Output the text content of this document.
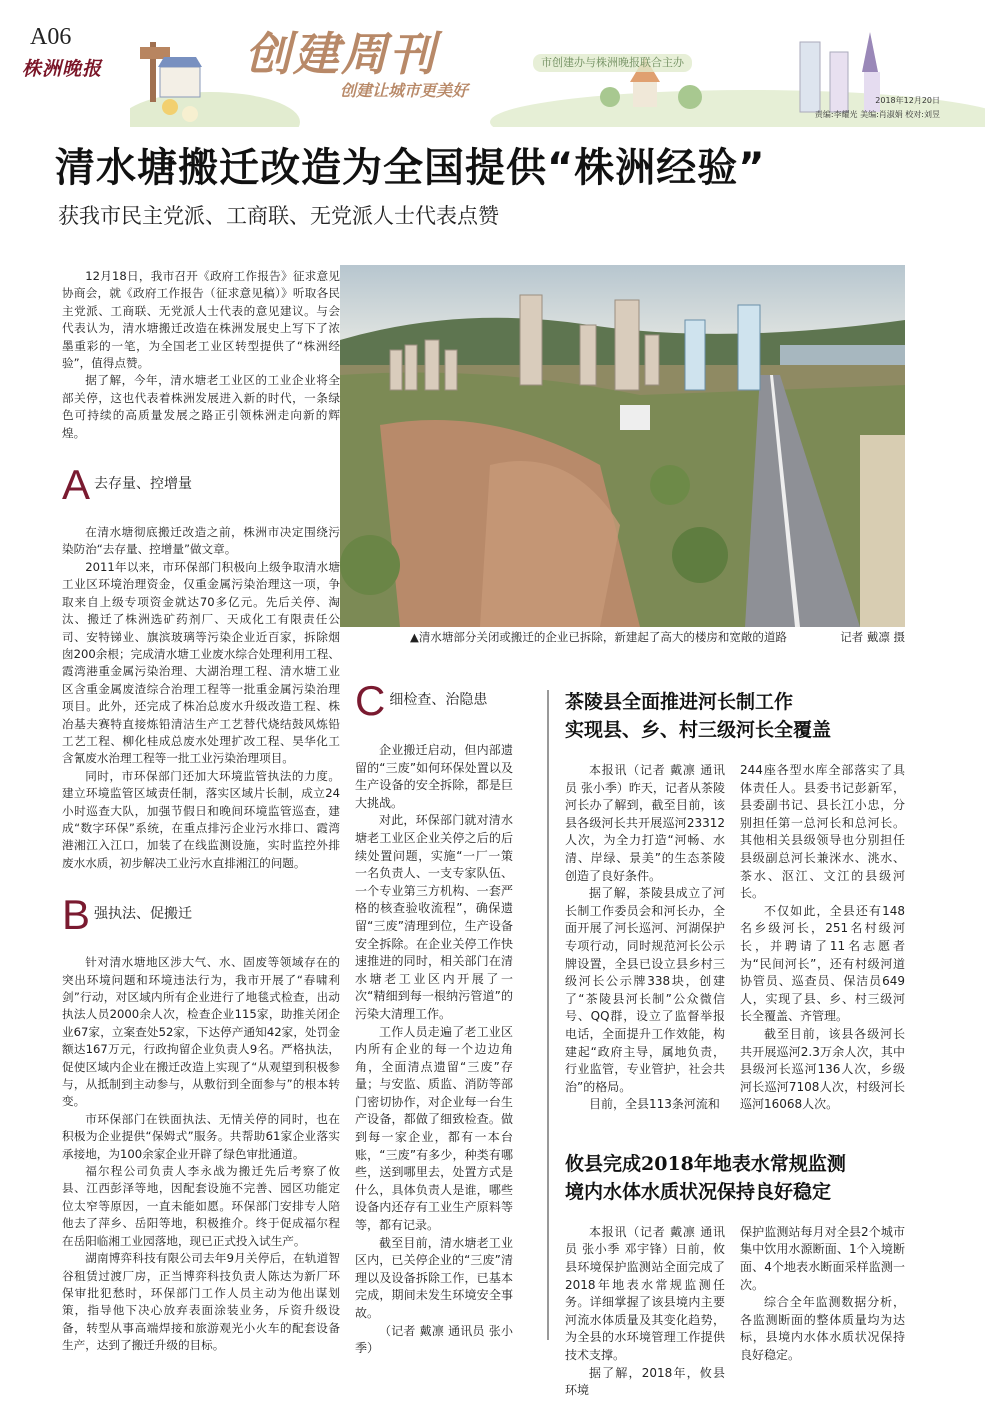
A06
株洲晚报	创建周刊
创建让城市更美好
市创建办与株洲晚报联合主办
2018年12月20日
责编:李耀光 美编:肖淑娟 校对:刘昱
清水塘搬迁改造为全国提供“株洲经验”
获我市民主党派、工商联、无党派人士代表点赞

12月18日，我市召开《政府工作报告》征求意见协商会，就《政府工作报告（征求意见稿）》听取各民主党派、工商联、无党派人士代表的意见建议。与会代表认为，清水塘搬迁改造在株洲发展史上写下了浓墨重彩的一笔，为全国老工业区转型提供了“株洲经验”，值得点赞。

据了解，今年，清水塘老工业区的工业企业将全部关停，这也代表着株洲发展进入新的时代，一条绿色可持续的高质量发展之路正引领株洲走向新的辉煌。

A 去存量、控增量

在清水塘彻底搬迁改造之前，株洲市决定围绕污染防治“去存量、控增量”做文章。

2011年以来，市环保部门积极向上级争取清水塘工业区环境治理资金，仅重金属污染治理这一项，争取来自上级专项资金就达70多亿元。先后关停、淘汰、搬迁了株洲选矿药剂厂、天成化工有限责任公司、安特锑业、旗滨玻璃等污染企业近百家，拆除烟囱200余根；完成清水塘工业废水综合处理利用工程、霞湾港重金属污染治理、大湖治理工程、清水塘工业区含重金属废渣综合治理工程等一批重金属污染治理项目。此外，还完成了株冶总废水升级改造工程、株冶基夫赛特直接炼铅清洁生产工艺替代烧结鼓风炼铅工艺工程、柳化桂成总废水处理扩改工程、昊华化工含氰废水治理工程等一批工业污染治理项目。

同时，市环保部门还加大环境监管执法的力度。建立环境监管区域责任制，落实区域片长制，成立24小时巡查大队，加强节假日和晚间环境监管巡查，建成“数字环保”系统，在重点排污企业污水排口、霞湾港湘江入江口，加装了在线监测设施，实时监控外排废水水质，初步解决工业污水直排湘江的问题。

B 强执法、促搬迁

针对清水塘地区涉大气、水、固废等领域存在的突出环境问题和环境违法行为，我市开展了“春啸利剑”行动，对区域内所有企业进行了地毯式检查，出动执法人员2000余人次，检查企业115家，助推关闭企业67家，立案查处52家，下达停产通知42家，处罚金额达167万元，行政拘留企业负责人9名。严格执法，促使区域内企业在搬迁改造上实现了“从观望到积极参与，从抵制到主动参与，从敷衍到全面参与”的根本转变。

市环保部门在铁面执法、无情关停的同时，也在积极为企业提供“保姆式”服务。共帮助61家企业落实承接地，为100余家企业开辟了绿色审批通道。

福尔程公司负责人李永战为搬迁先后考察了攸县、江西彭泽等地，因配套设施不完善、园区功能定位太窄等原因，一直未能如愿。环保部门安排专人陪他去了萍乡、岳阳等地，积极推介。终于促成福尔程在岳阳临湘工业园落地，现已正式投入试生产。

湖南博弈科技有限公司去年9月关停后，在轨道智谷租赁过渡厂房，正当博弈科技负责人陈达为新厂环保审批犯愁时，环保部门工作人员主动为他出谋划策，指导他下决心放弃表面涂装业务，斥资升级设备，转型从事高端焊接和旅游观光小火车的配套设备生产，达到了搬迁升级的目标。

▲清水塘部分关闭或搬迁的企业已拆除，新建起了高大的楼房和宽敞的道路	记者 戴凛 摄
C 细检查、治隐患

企业搬迁启动，但内部遗留的“三废”如何环保处置以及生产设备的安全拆除，都是巨大挑战。

对此，环保部门就对清水塘老工业区企业关停之后的后续处置问题，实施“一厂一策一名负责人、一支专家队伍、一个专业第三方机构、一套严格的核查验收流程”，确保遗留“三废”清理到位，生产设备安全拆除。在企业关停工作快速推进的同时，相关部门在清水塘老工业区内开展了一次“精细到每一根纳污管道”的污染大清理工作。

工作人员走遍了老工业区内所有企业的每一个边边角角，全面清点遗留“三废”存量；与安监、质监、消防等部门密切协作，对企业每一台生产设备，都做了细致检查。做到每一家企业，都有一本台账，“三废”有多少，种类有哪些，送到哪里去，处置方式是什么，具体负责人是谁，哪些设备内还存有工业生产原料等等，都有记录。

截至目前，清水塘老工业区内，已关停企业的“三废”清理以及设备拆除工作，已基本完成，期间未发生环境安全事故。

（记者 戴凛 通讯员 张小季）

茶陵县全面推进河长制工作
实现县、乡、村三级河长全覆盖

本报讯（记者 戴凛 通讯员 张小季）昨天，记者从茶陵河长办了解到，截至目前，该县各级河长共开展巡河23312人次，为全力打造“河畅、水清、岸绿、景美”的生态茶陵创造了良好条件。

据了解，茶陵县成立了河长制工作委员会和河长办，全面开展了河长巡河、河湖保护专项行动，同时规范河长公示牌设置，全县已设立县乡村三级河长公示牌338块，创建了“茶陵县河长制”公众微信号、QQ群，设立了监督举报电话，全面提升工作效能，构建起“政府主导，属地负责，行业监管，专业管护，社会共治”的格局。

目前，全县113条河流和

244座各型水库全部落实了具体责任人。县委书记彭新军，县委副书记、县长江小忠，分别担任第一总河长和总河长。其他相关县级领导也分别担任县级副总河长兼洣水、洮水、茶水、沤江、文江的县级河长。

不仅如此，全县还有148名乡级河长，251名村级河长，并聘请了11名志愿者为“民间河长”，还有村级河道协管员、巡查员、保洁员649人，实现了县、乡、村三级河长全覆盖、齐管理。

截至目前，该县各级河长共开展巡河2.3万余人次，其中县级河长巡河136人次，乡级河长巡河7108人次，村级河长巡河16068人次。

攸县完成2018年地表水常规监测
境内水体水质状况保持良好稳定

本报讯（记者 戴凛 通讯员 张小季 邓宇锋）日前，攸县环境保护监测站全面完成了2018年地表水常规监测任务。详细掌握了该县境内主要河流水体质量及其变化趋势，为全县的水环境管理工作提供技术支撑。

据了解，2018年，攸县环境

保护监测站每月对全县2个城市集中饮用水源断面、1个入境断面、4个地表水断面采样监测一次。

综合全年监测数据分析，各监测断面的整体质量均为达标，县境内水体水质状况保持良好稳定。
